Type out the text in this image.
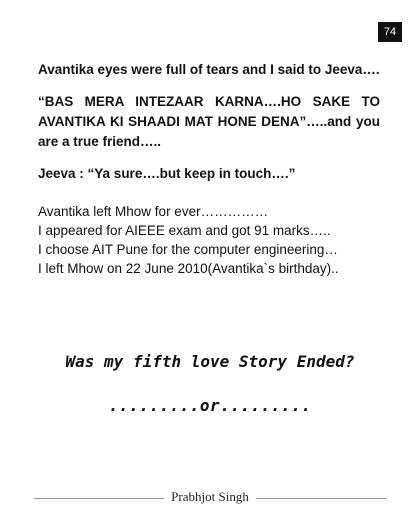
74

Avantika eyes were full of tears and I said to Jeeva….

“BAS MERA INTEZAAR KARNA….HO SAKE TO AVANTIKA KI SHAADI MAT HONE DENA”…..and you are a true friend…..

Jeeva : “Ya sure….but keep in touch….”

Avantika left Mhow for ever……………
I appeared for AIEEE exam and got 91 marks…..
I choose AIT Pune for the computer engineering…
I left Mhow on 22 June 2010(Avantika`s birthday)..
Was my fifth love Story Ended?
.........or.........
Prabhjot Singh
